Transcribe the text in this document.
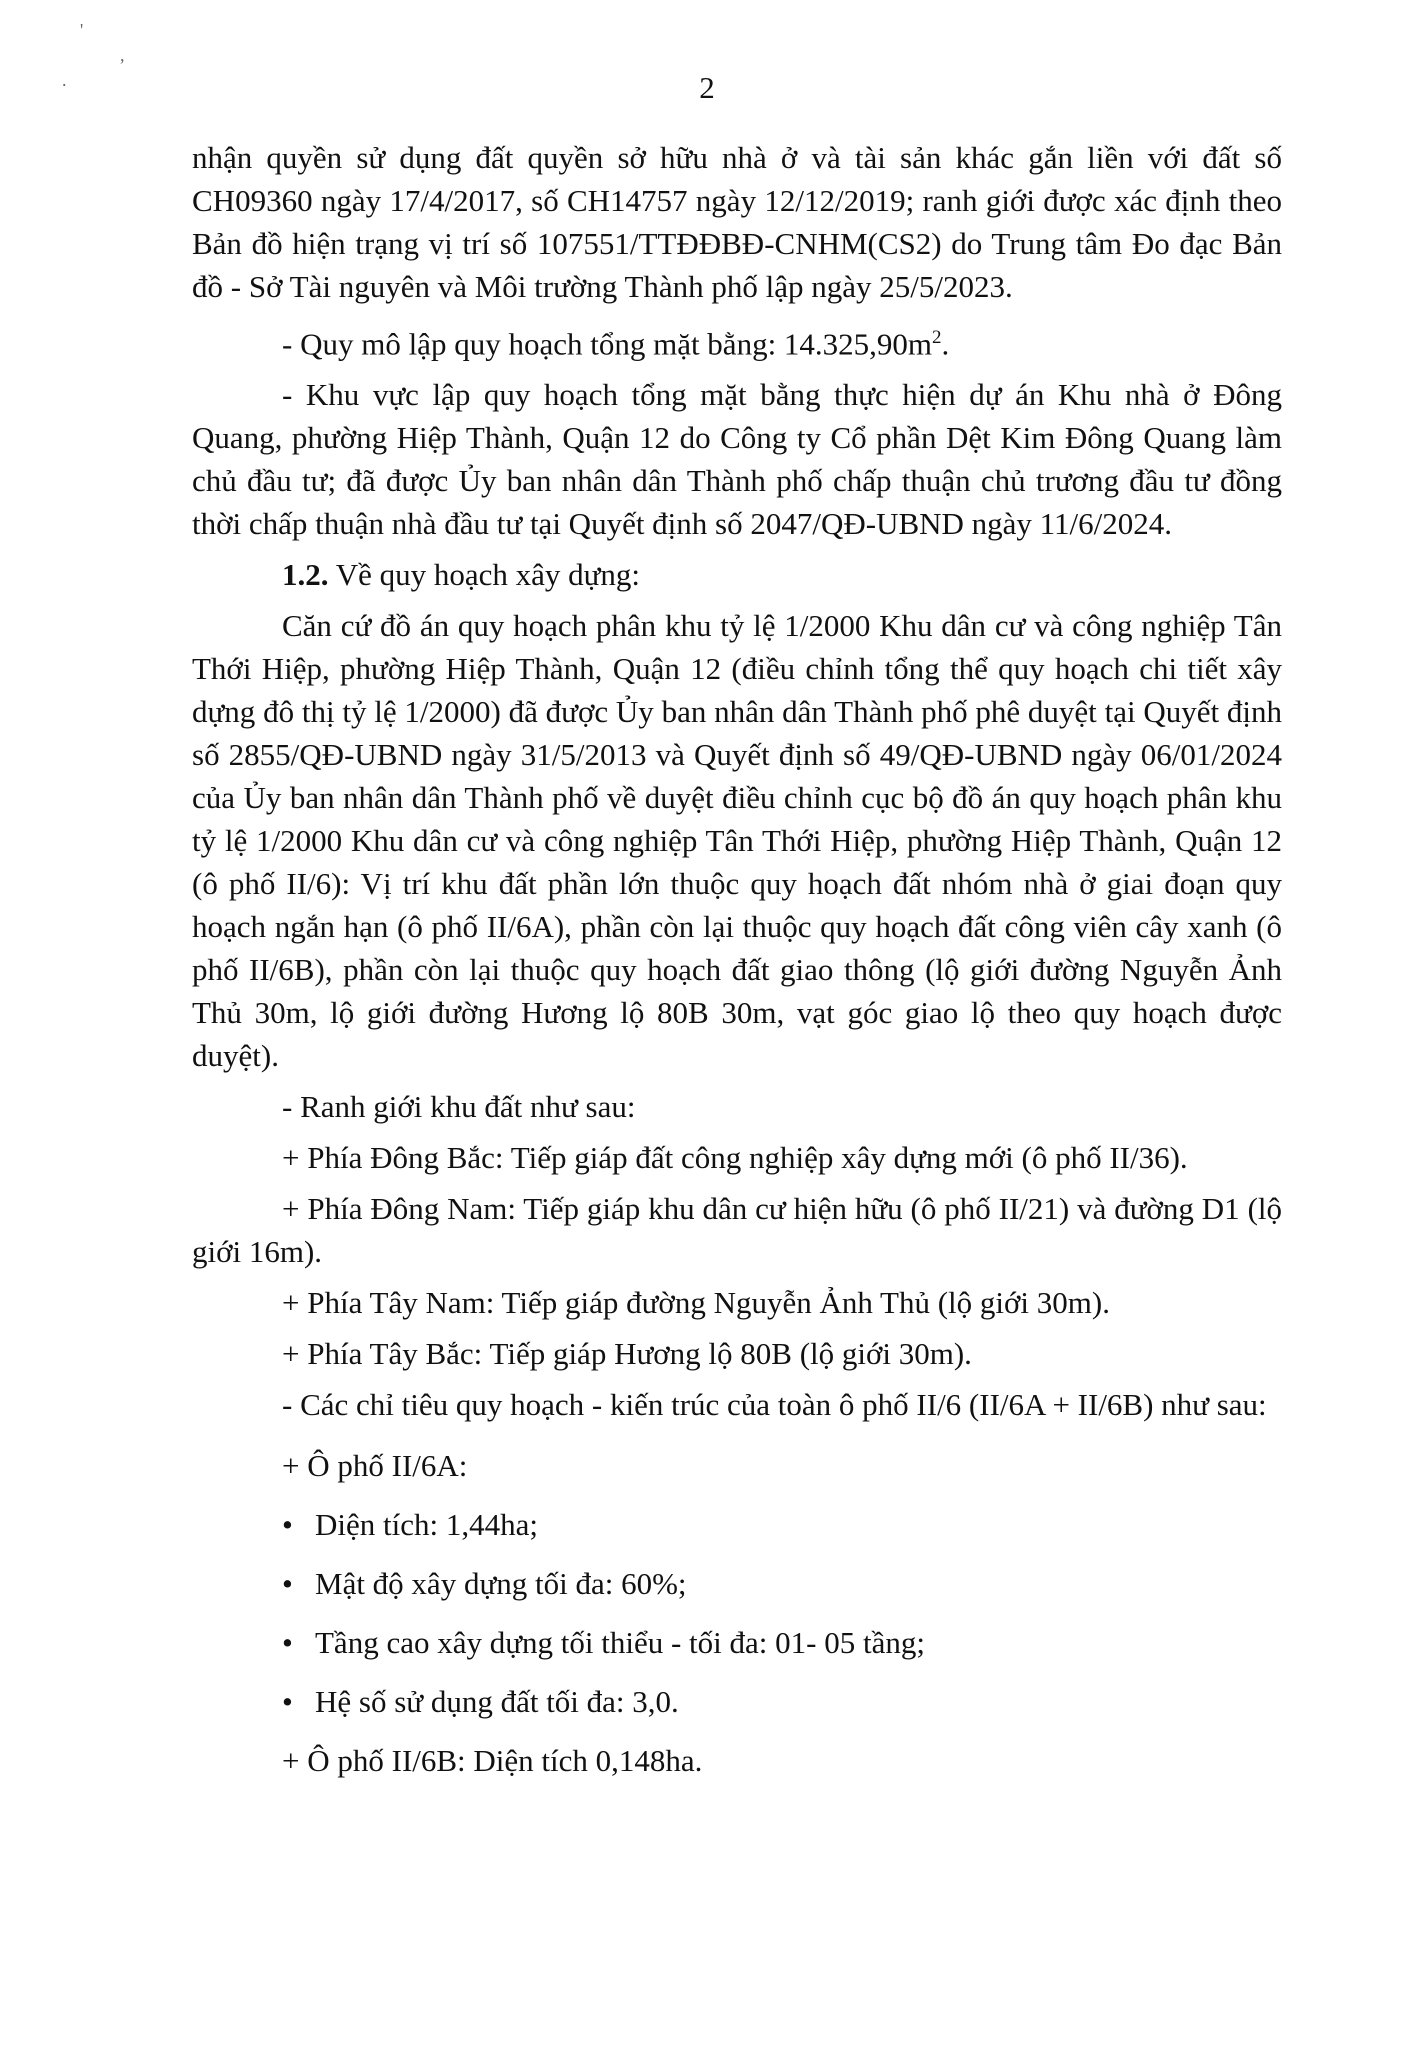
'
,
.	2

nhận quyền sử dụng đất quyền sở hữu nhà ở và tài sản khác gắn liền với đất số CH09360 ngày 17/4/2017, số CH14757 ngày 12/12/2019; ranh giới được xác định theo Bản đồ hiện trạng vị trí số 107551/TTĐĐBĐ-CNHM(CS2) do Trung tâm Đo đạc Bản đồ - Sở Tài nguyên và Môi trường Thành phố lập ngày 25/5/2023.

- Quy mô lập quy hoạch tổng mặt bằng: $14.325,90m^2$.

- Khu vực lập quy hoạch tổng mặt bằng thực hiện dự án Khu nhà ở Đông Quang, phường Hiệp Thành, Quận 12 do Công ty Cổ phần Dệt Kim Đông Quang làm chủ đầu tư; đã được Ủy ban nhân dân Thành phố chấp thuận chủ trương đầu tư đồng thời chấp thuận nhà đầu tư tại Quyết định số 2047/QĐ-UBND ngày 11/6/2024.

1.2. Về quy hoạch xây dựng:

Căn cứ đồ án quy hoạch phân khu tỷ lệ 1/2000 Khu dân cư và công nghiệp Tân Thới Hiệp, phường Hiệp Thành, Quận 12 (điều chỉnh tổng thể quy hoạch chi tiết xây dựng đô thị tỷ lệ 1/2000) đã được Ủy ban nhân dân Thành phố phê duyệt tại Quyết định số 2855/QĐ-UBND ngày 31/5/2013 và Quyết định số 49/QĐ-UBND ngày 06/01/2024 của Ủy ban nhân dân Thành phố về duyệt điều chỉnh cục bộ đồ án quy hoạch phân khu tỷ lệ 1/2000 Khu dân cư và công nghiệp Tân Thới Hiệp, phường Hiệp Thành, Quận 12 (ô phố II/6): Vị trí khu đất phần lớn thuộc quy hoạch đất nhóm nhà ở giai đoạn quy hoạch ngắn hạn (ô phố II/6A), phần còn lại thuộc quy hoạch đất công viên cây xanh (ô phố II/6B), phần còn lại thuộc quy hoạch đất giao thông (lộ giới đường Nguyễn Ảnh Thủ 30m, lộ giới đường Hương lộ 80B 30m, vạt góc giao lộ theo quy hoạch được duyệt).

- Ranh giới khu đất như sau:

+ Phía Đông Bắc: Tiếp giáp đất công nghiệp xây dựng mới (ô phố II/36).

+ Phía Đông Nam: Tiếp giáp khu dân cư hiện hữu (ô phố II/21) và đường D1 (lộ giới 16m).

+ Phía Tây Nam: Tiếp giáp đường Nguyễn Ảnh Thủ (lộ giới 30m).

+ Phía Tây Bắc: Tiếp giáp Hương lộ 80B (lộ giới 30m).

- Các chỉ tiêu quy hoạch - kiến trúc của toàn ô phố II/6 (II/6A + II/6B) như sau:

+ Ô phố II/6A:

• Diện tích: 1,44ha;
• Mật độ xây dựng tối đa: 60%;
• Tầng cao xây dựng tối thiểu - tối đa: 01- 05 tầng;
• Hệ số sử dụng đất tối đa: 3,0.

+ Ô phố II/6B: Diện tích 0,148ha.
